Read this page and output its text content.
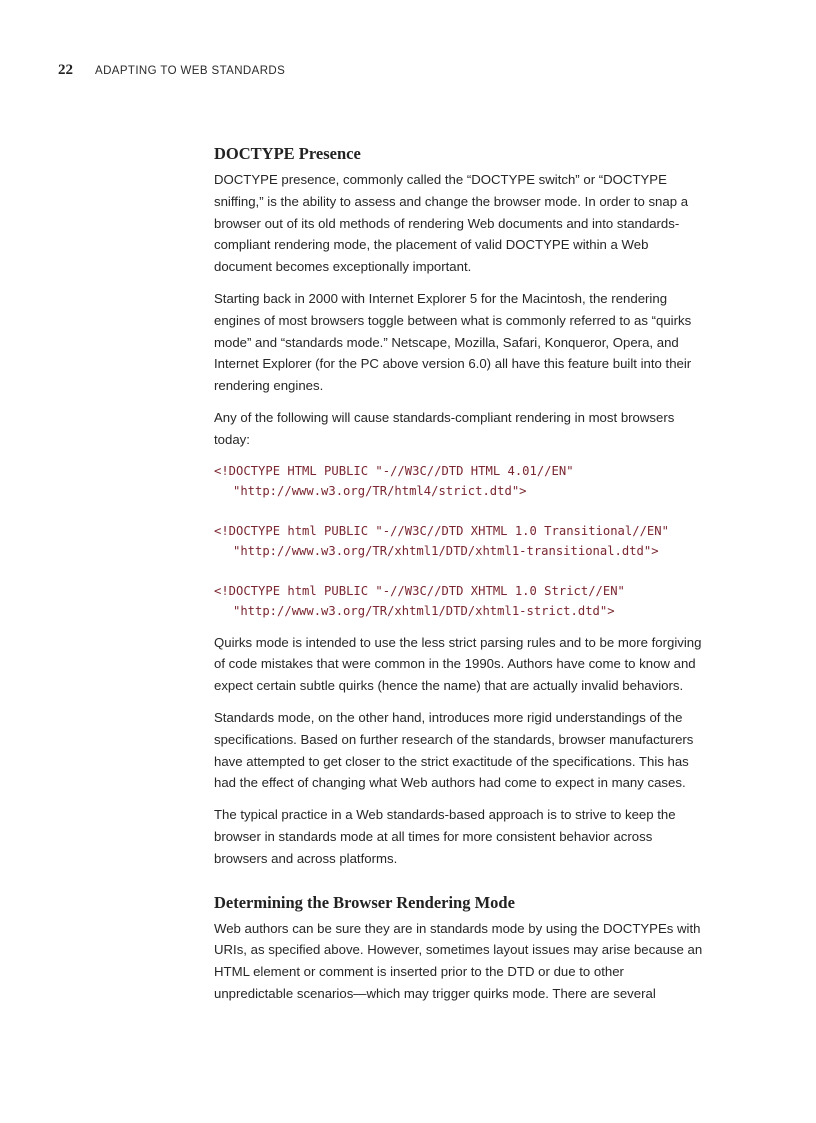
22 ADAPTING TO WEB STANDARDS
DOCTYPE Presence

DOCTYPE presence, commonly called the “DOCTYPE switch” or “DOCTYPE sniffing,” is the ability to assess and change the browser mode. In order to snap a browser out of its old methods of rendering Web documents and into standards-compliant rendering mode, the placement of valid DOCTYPE within a Web document becomes exceptionally important.

Starting back in 2000 with Internet Explorer 5 for the Macintosh, the rendering engines of most browsers toggle between what is commonly referred to as “quirks mode” and “standards mode.” Netscape, Mozilla, Safari, Konqueror, Opera, and Internet Explorer (for the PC above version 6.0) all have this feature built into their rendering engines.

Any of the following will cause standards-compliant rendering in most browsers today:

<!DOCTYPE HTML PUBLIC "-//W3C//DTD HTML 4.01//EN"
"http://www.w3.org/TR/html4/strict.dtd">
<!DOCTYPE html PUBLIC "-//W3C//DTD XHTML 1.0 Transitional//EN"
"http://www.w3.org/TR/xhtml1/DTD/xhtml1-transitional.dtd">
<!DOCTYPE html PUBLIC "-//W3C//DTD XHTML 1.0 Strict//EN"
"http://www.w3.org/TR/xhtml1/DTD/xhtml1-strict.dtd">

Quirks mode is intended to use the less strict parsing rules and to be more forgiving of code mistakes that were common in the 1990s. Authors have come to know and expect certain subtle quirks (hence the name) that are actually invalid behaviors.

Standards mode, on the other hand, introduces more rigid understandings of the specifications. Based on further research of the standards, browser manufacturers have attempted to get closer to the strict exactitude of the specifications. This has had the effect of changing what Web authors had come to expect in many cases.

The typical practice in a Web standards-based approach is to strive to keep the browser in standards mode at all times for more consistent behavior across browsers and across platforms.

Determining the Browser Rendering Mode

Web authors can be sure they are in standards mode by using the DOCTYPEs with URIs, as specified above. However, sometimes layout issues may arise because an HTML element or comment is inserted prior to the DTD or due to other unpredictable scenarios—which may trigger quirks mode. There are several
